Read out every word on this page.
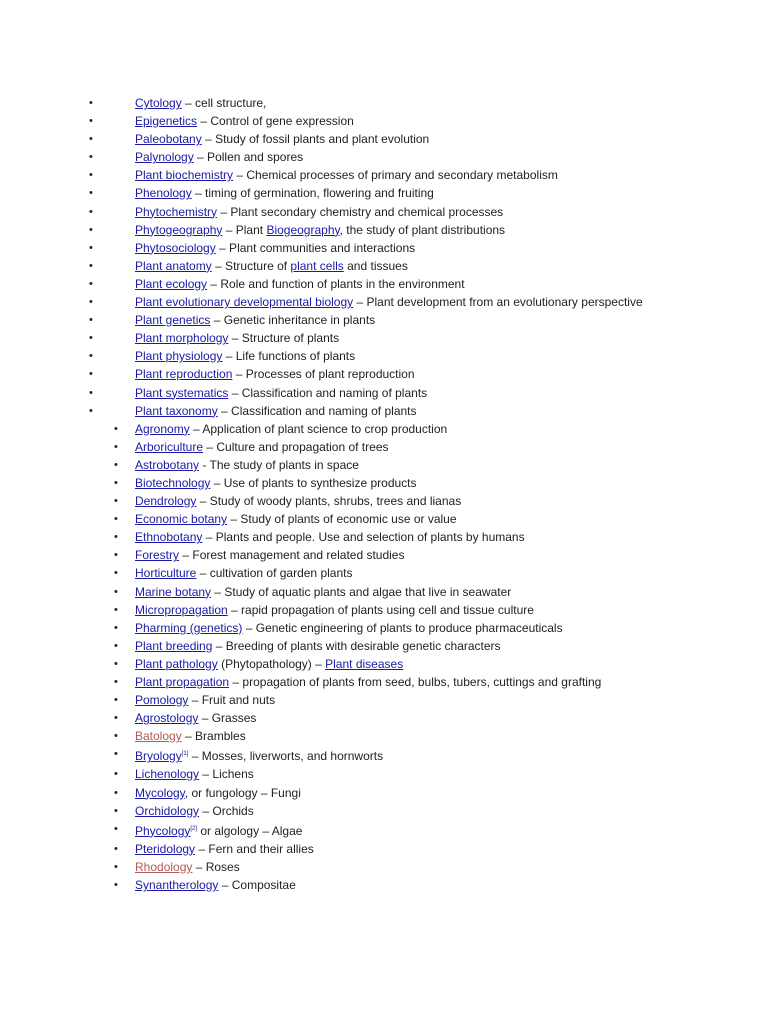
•	Cytology – cell structure,
•	Epigenetics – Control of gene expression
•	Paleobotany – Study of fossil plants and plant evolution
•	Palynology – Pollen and spores
•	Plant biochemistry – Chemical processes of primary and secondary metabolism
•	Phenology – timing of germination, flowering and fruiting
•	Phytochemistry – Plant secondary chemistry and chemical processes
•	Phytogeography – Plant Biogeography, the study of plant distributions
•	Phytosociology – Plant communities and interactions
•	Plant anatomy – Structure of plant cells and tissues
•	Plant ecology – Role and function of plants in the environment
•	Plant evolutionary developmental biology – Plant development from an evolutionary perspective
•	Plant genetics – Genetic inheritance in plants
•	Plant morphology – Structure of plants
•	Plant physiology – Life functions of plants
•	Plant reproduction – Processes of plant reproduction
•	Plant systematics – Classification and naming of plants
•	Plant taxonomy – Classification and naming of plants
• Agronomy – Application of plant science to crop production
• Arboriculture – Culture and propagation of trees
• Astrobotany - The study of plants in space
• Biotechnology – Use of plants to synthesize products
• Dendrology – Study of woody plants, shrubs, trees and lianas
• Economic botany – Study of plants of economic use or value
• Ethnobotany – Plants and people. Use and selection of plants by humans
• Forestry – Forest management and related studies
• Horticulture – cultivation of garden plants
• Marine botany – Study of aquatic plants and algae that live in seawater
• Micropropagation – rapid propagation of plants using cell and tissue culture
• Pharming (genetics) – Genetic engineering of plants to produce pharmaceuticals
• Plant breeding – Breeding of plants with desirable genetic characters
• Plant pathology (Phytopathology) – Plant diseases
• Plant propagation – propagation of plants from seed, bulbs, tubers, cuttings and grafting
• Pomology – Fruit and nuts
• Agrostology – Grasses
• Batology – Brambles
• Bryology[1] – Mosses, liverworts, and hornworts
• Lichenology – Lichens
• Mycology, or fungology – Fungi
• Orchidology – Orchids
• Phycology[2] or algology – Algae
• Pteridology – Fern and their allies
• Rhodology – Roses
• Synantherology – Compositae
